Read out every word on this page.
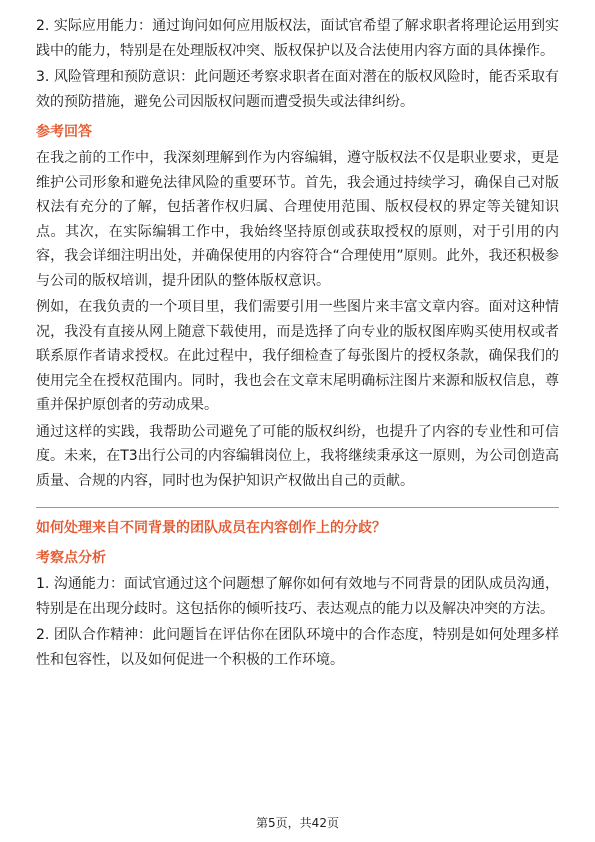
2. 实际应用能力：通过询问如何应用版权法，面试官希望了解求职者将理论运用到实践中的能力，特别是在处理版权冲突、版权保护以及合法使用内容方面的具体操作。

3. 风险管理和预防意识：此问题还考察求职者在面对潜在的版权风险时，能否采取有效的预防措施，避免公司因版权问题而遭受损失或法律纠纷。

参考回答

在我之前的工作中，我深刻理解到作为内容编辑，遵守版权法不仅是职业要求，更是维护公司形象和避免法律风险的重要环节。首先，我会通过持续学习，确保自己对版权法有充分的了解，包括著作权归属、合理使用范围、版权侵权的界定等关键知识点。其次，在实际编辑工作中，我始终坚持原创或获取授权的原则，对于引用的内容，我会详细注明出处，并确保使用的内容符合“合理使用”原则。此外，我还积极参与公司的版权培训，提升团队的整体版权意识。

例如，在我负责的一个项目里，我们需要引用一些图片来丰富文章内容。面对这种情况，我没有直接从网上随意下载使用，而是选择了向专业的版权图库购买使用权或者联系原作者请求授权。在此过程中，我仔细检查了每张图片的授权条款，确保我们的使用完全在授权范围内。同时，我也会在文章末尾明确标注图片来源和版权信息，尊重并保护原创者的劳动成果。

通过这样的实践，我帮助公司避免了可能的版权纠纷，也提升了内容的专业性和可信度。未来，在T3出行公司的内容编辑岗位上，我将继续秉承这一原则，为公司创造高质量、合规的内容，同时也为保护知识产权做出自己的贡献。

如何处理来自不同背景的团队成员在内容创作上的分歧？
考察点分析

1. 沟通能力：面试官通过这个问题想了解你如何有效地与不同背景的团队成员沟通，特别是在出现分歧时。这包括你的倾听技巧、表达观点的能力以及解决冲突的方法。

2. 团队合作精神：此问题旨在评估你在团队环境中的合作态度，特别是如何处理多样性和包容性，以及如何促进一个积极的工作环境。

第5页，共42页
